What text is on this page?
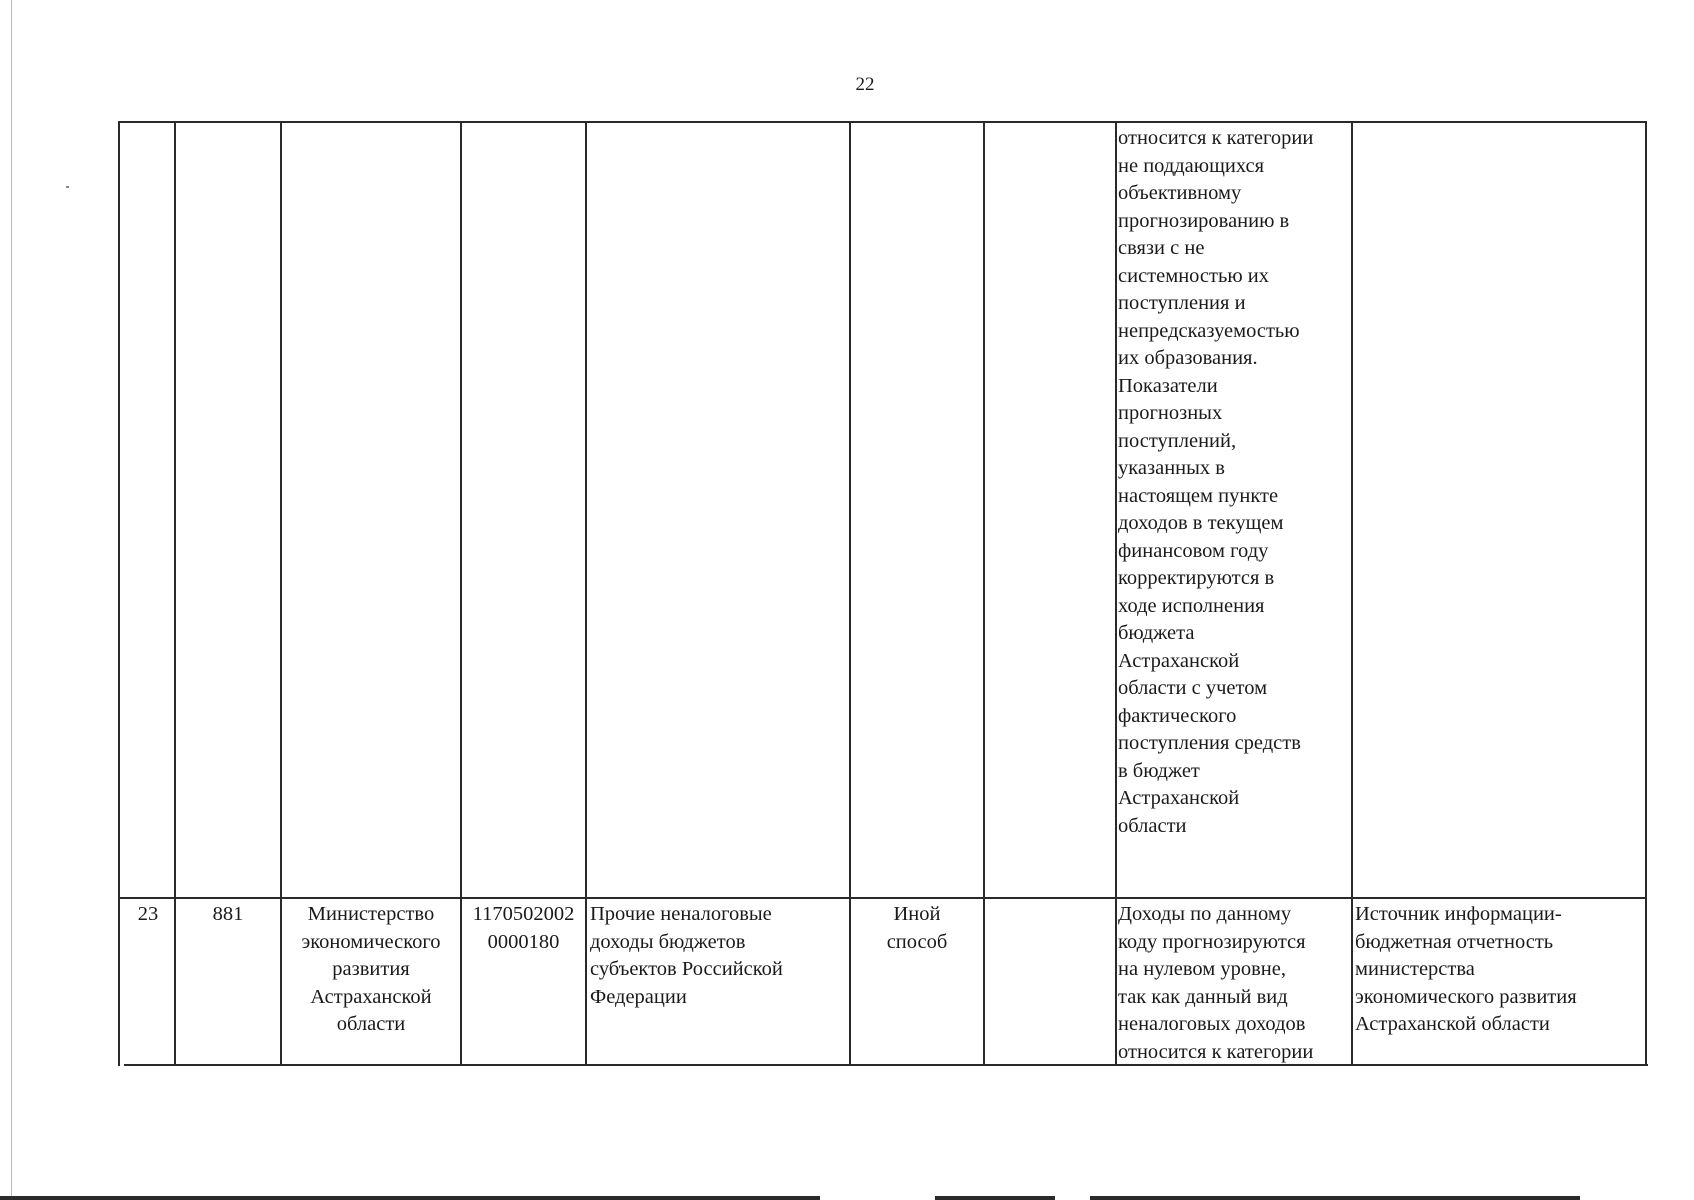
22
относится к категории
не поддающихся
объективному
прогнозированию в
связи с не
системностью их
поступления и
непредсказуемостью
их образования.
Показатели
прогнозных
поступлений,
указанных в
настоящем пункте
доходов в текущем
финансовом году
корректируются в
ходе исполнения
бюджета
Астраханской
области с учетом
фактического
поступления средств
в бюджет
Астраханской
области
23	881	Министерство
экономического
развития
Астраханской
области
1170502002
0000180
Прочие неналоговые
доходы бюджетов
субъектов Российской
Федерации
Иной
способ
Доходы по данному
коду прогнозируются
на нулевом уровне,
так как данный вид
неналоговых доходов
относится к категории
Источник информации-
бюджетная отчетность
министерства
экономического развития
Астраханской области
